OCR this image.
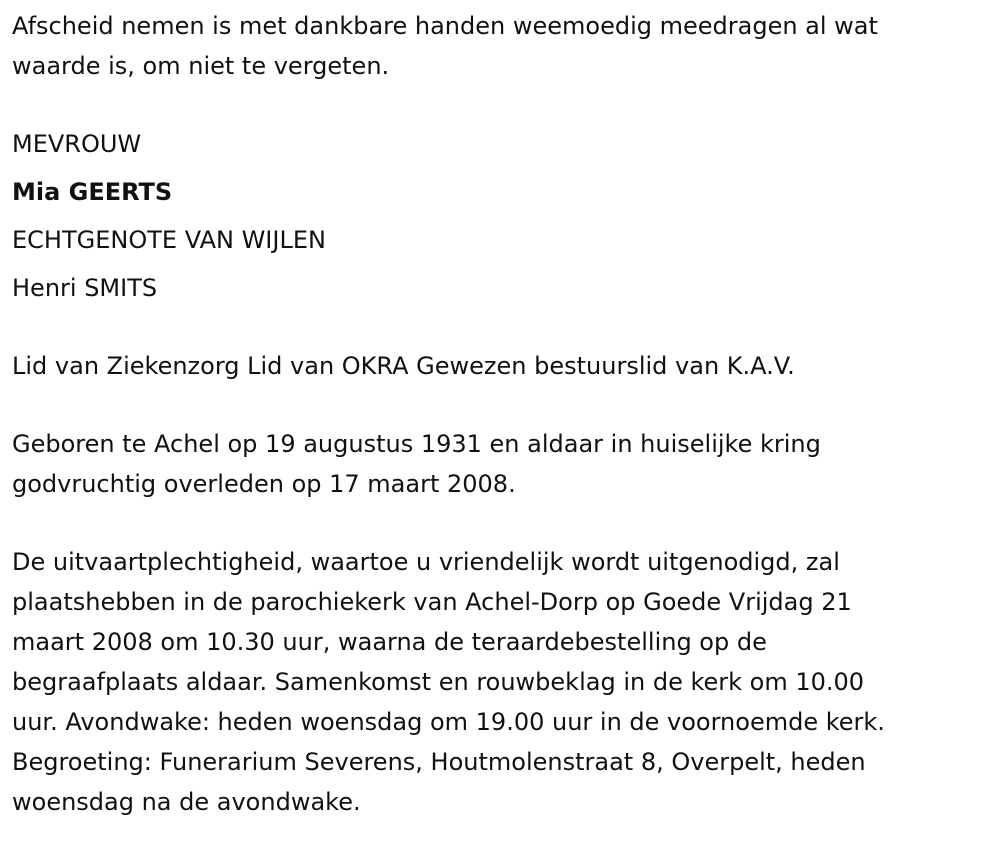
Afscheid nemen is met dankbare handen weemoedig meedragen al wat
waarde is, om niet te vergeten.

MEVROUW

Mia GEERTS

ECHTGENOTE VAN WIJLEN

Henri SMITS

Lid van Ziekenzorg Lid van OKRA Gewezen bestuurslid van K.A.V.

Geboren te Achel op 19 augustus 1931 en aldaar in huiselijke kring
godvruchtig overleden op 17 maart 2008.

De uitvaartplechtigheid, waartoe u vriendelijk wordt uitgenodigd, zal
plaatshebben in de parochiekerk van Achel-Dorp op Goede Vrijdag 21
maart 2008 om 10.30 uur, waarna de teraardebestelling op de
begraafplaats aldaar. Samenkomst en rouwbeklag in de kerk om 10.00
uur. Avondwake: heden woensdag om 19.00 uur in de voornoemde kerk.
Begroeting: Funerarium Severens, Houtmolenstraat 8, Overpelt, heden
woensdag na de avondwake.
